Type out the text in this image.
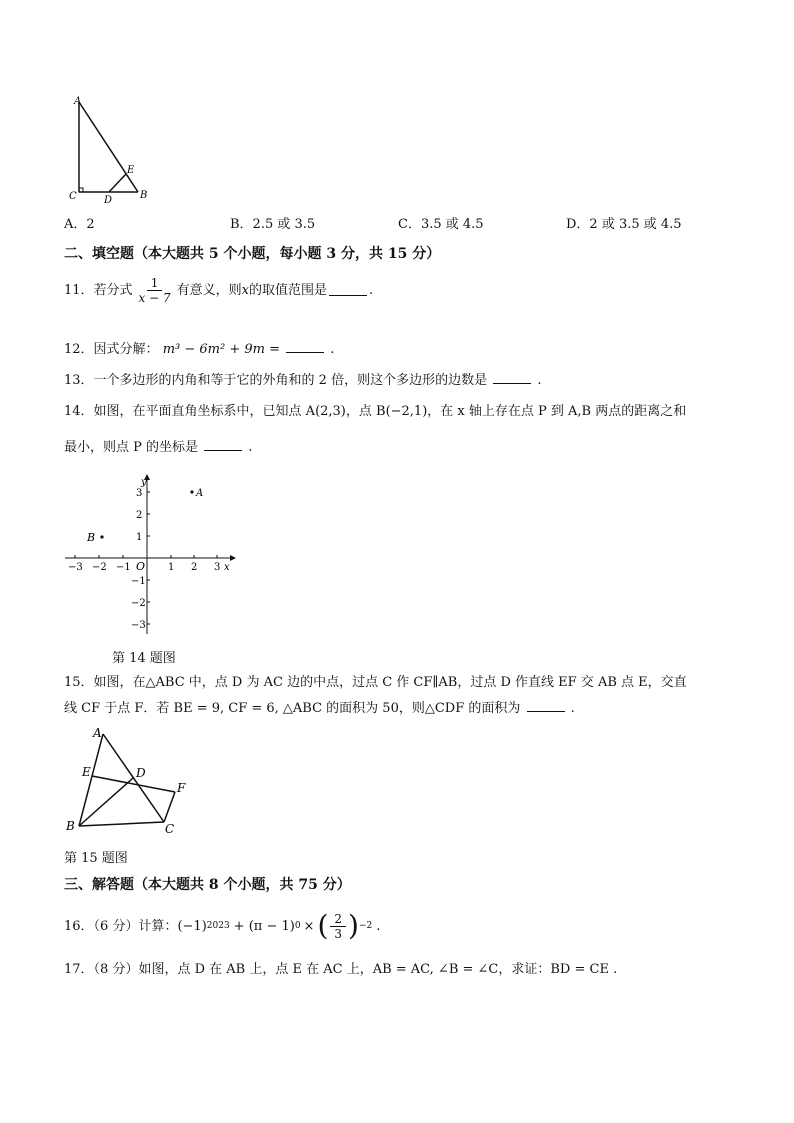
A
E
C	D	B
A．2	B．2.5 或 3.5	C．3.5 或 4.5	D．2 或 3.5 或 4.5
二、填空题（本大题共 5 个小题，每小题 3 分，共 15 分）
11．若分式 $\frac{1}{x - 7}$ 有意义，则 x 的取值范围是	.
12．因式分解： m³ − 6m² + 9m =	.
13．一个多边形的内角和等于它的外角和的 2 倍，则这个多边形的边数是	.
14．如图，在平面直角坐标系中，已知点 A(2,3)，点 B(−2,1)，在 x 轴上存在点 P 到 A,B 两点的距离之和
最小，则点 P 的坐标是	.
y
x
O
−3 −2 −1	1 2 3
3
2
1
−1
−2
−3
A
B
第 14 题图
15．如图，在△ABC 中，点 D 为 AC 边的中点，过点 C 作 CF∥AB，过点 D 作直线 EF 交 AB 点 E，交直
线 CF 于点 F．若 BE = 9, CF = 6, △ABC 的面积为 50，则△CDF 的面积为	.
A
E	D
F
B	C
第 15 题图
三、解答题（本大题共 8 个小题，共 75 分）
16．（6 分）计算： (−1) 2023 + (π − 1) 0 × ( $\frac{2}{3}$ ) −2 .
17．（8 分）如图，点 D 在 AB 上，点 E 在 AC 上，AB = AC, ∠B = ∠C，求证：BD = CE .
